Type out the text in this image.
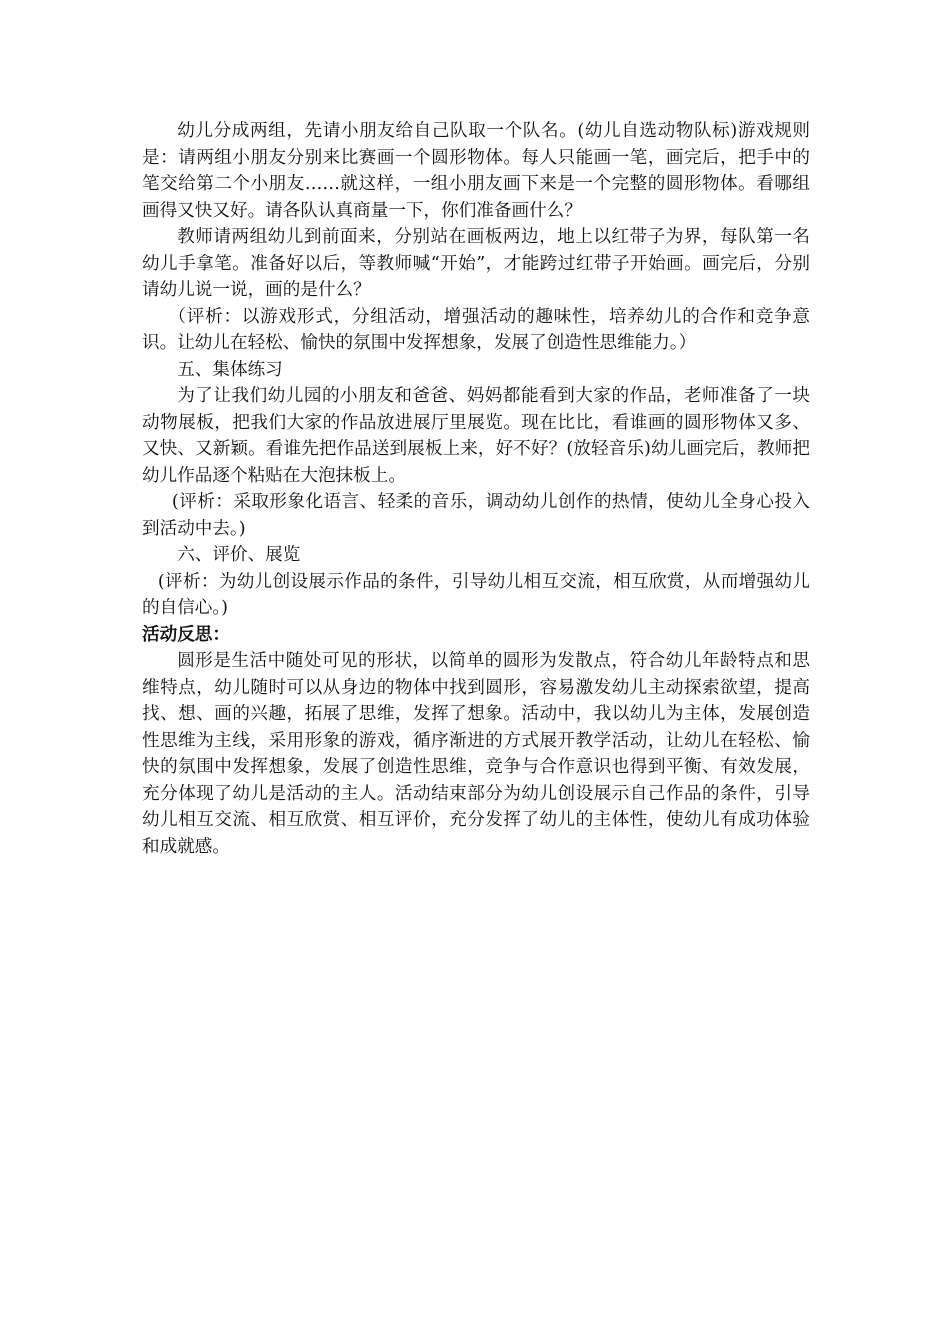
幼儿分成两组，先请小朋友给自己队取一个队名。(幼儿自选动物队标)游戏规则是：请两组小朋友分别来比赛画一个圆形物体。每人只能画一笔，画完后，把手中的笔交给第二个小朋友……就这样，一组小朋友画下来是一个完整的圆形物体。看哪组画得又快又好。请各队认真商量一下，你们准备画什么？

教师请两组幼儿到前面来，分别站在画板两边，地上以红带子为界，每队第一名幼儿手拿笔。准备好以后，等教师喊“开始”，才能跨过红带子开始画。画完后，分别请幼儿说一说，画的是什么？

（评析：以游戏形式，分组活动，增强活动的趣味性，培养幼儿的合作和竞争意识。让幼儿在轻松、愉快的氛围中发挥想象，发展了创造性思维能力。）

五、集体练习

为了让我们幼儿园的小朋友和爸爸、妈妈都能看到大家的作品，老师准备了一块动物展板，把我们大家的作品放进展厅里展览。现在比比，看谁画的圆形物体又多、又快、又新颖。看谁先把作品送到展板上来，好不好？(放轻音乐)幼儿画完后，教师把幼儿作品逐个粘贴在大泡抹板上。

(评析：采取形象化语言、轻柔的音乐，调动幼儿创作的热情，使幼儿全身心投入到活动中去。)

六、评价、展览

(评析：为幼儿创设展示作品的条件，引导幼儿相互交流，相互欣赏，从而增强幼儿的自信心。)

活动反思：

圆形是生活中随处可见的形状，以简单的圆形为发散点，符合幼儿年龄特点和思维特点，幼儿随时可以从身边的物体中找到圆形，容易激发幼儿主动探索欲望，提高找、想、画的兴趣，拓展了思维，发挥了想象。活动中，我以幼儿为主体，发展创造性思维为主线，采用形象的游戏，循序渐进的方式展开教学活动，让幼儿在轻松、愉快的氛围中发挥想象，发展了创造性思维，竞争与合作意识也得到平衡、有效发展，充分体现了幼儿是活动的主人。活动结束部分为幼儿创设展示自己作品的条件，引导幼儿相互交流、相互欣赏、相互评价，充分发挥了幼儿的主体性，使幼儿有成功体验和成就感。
